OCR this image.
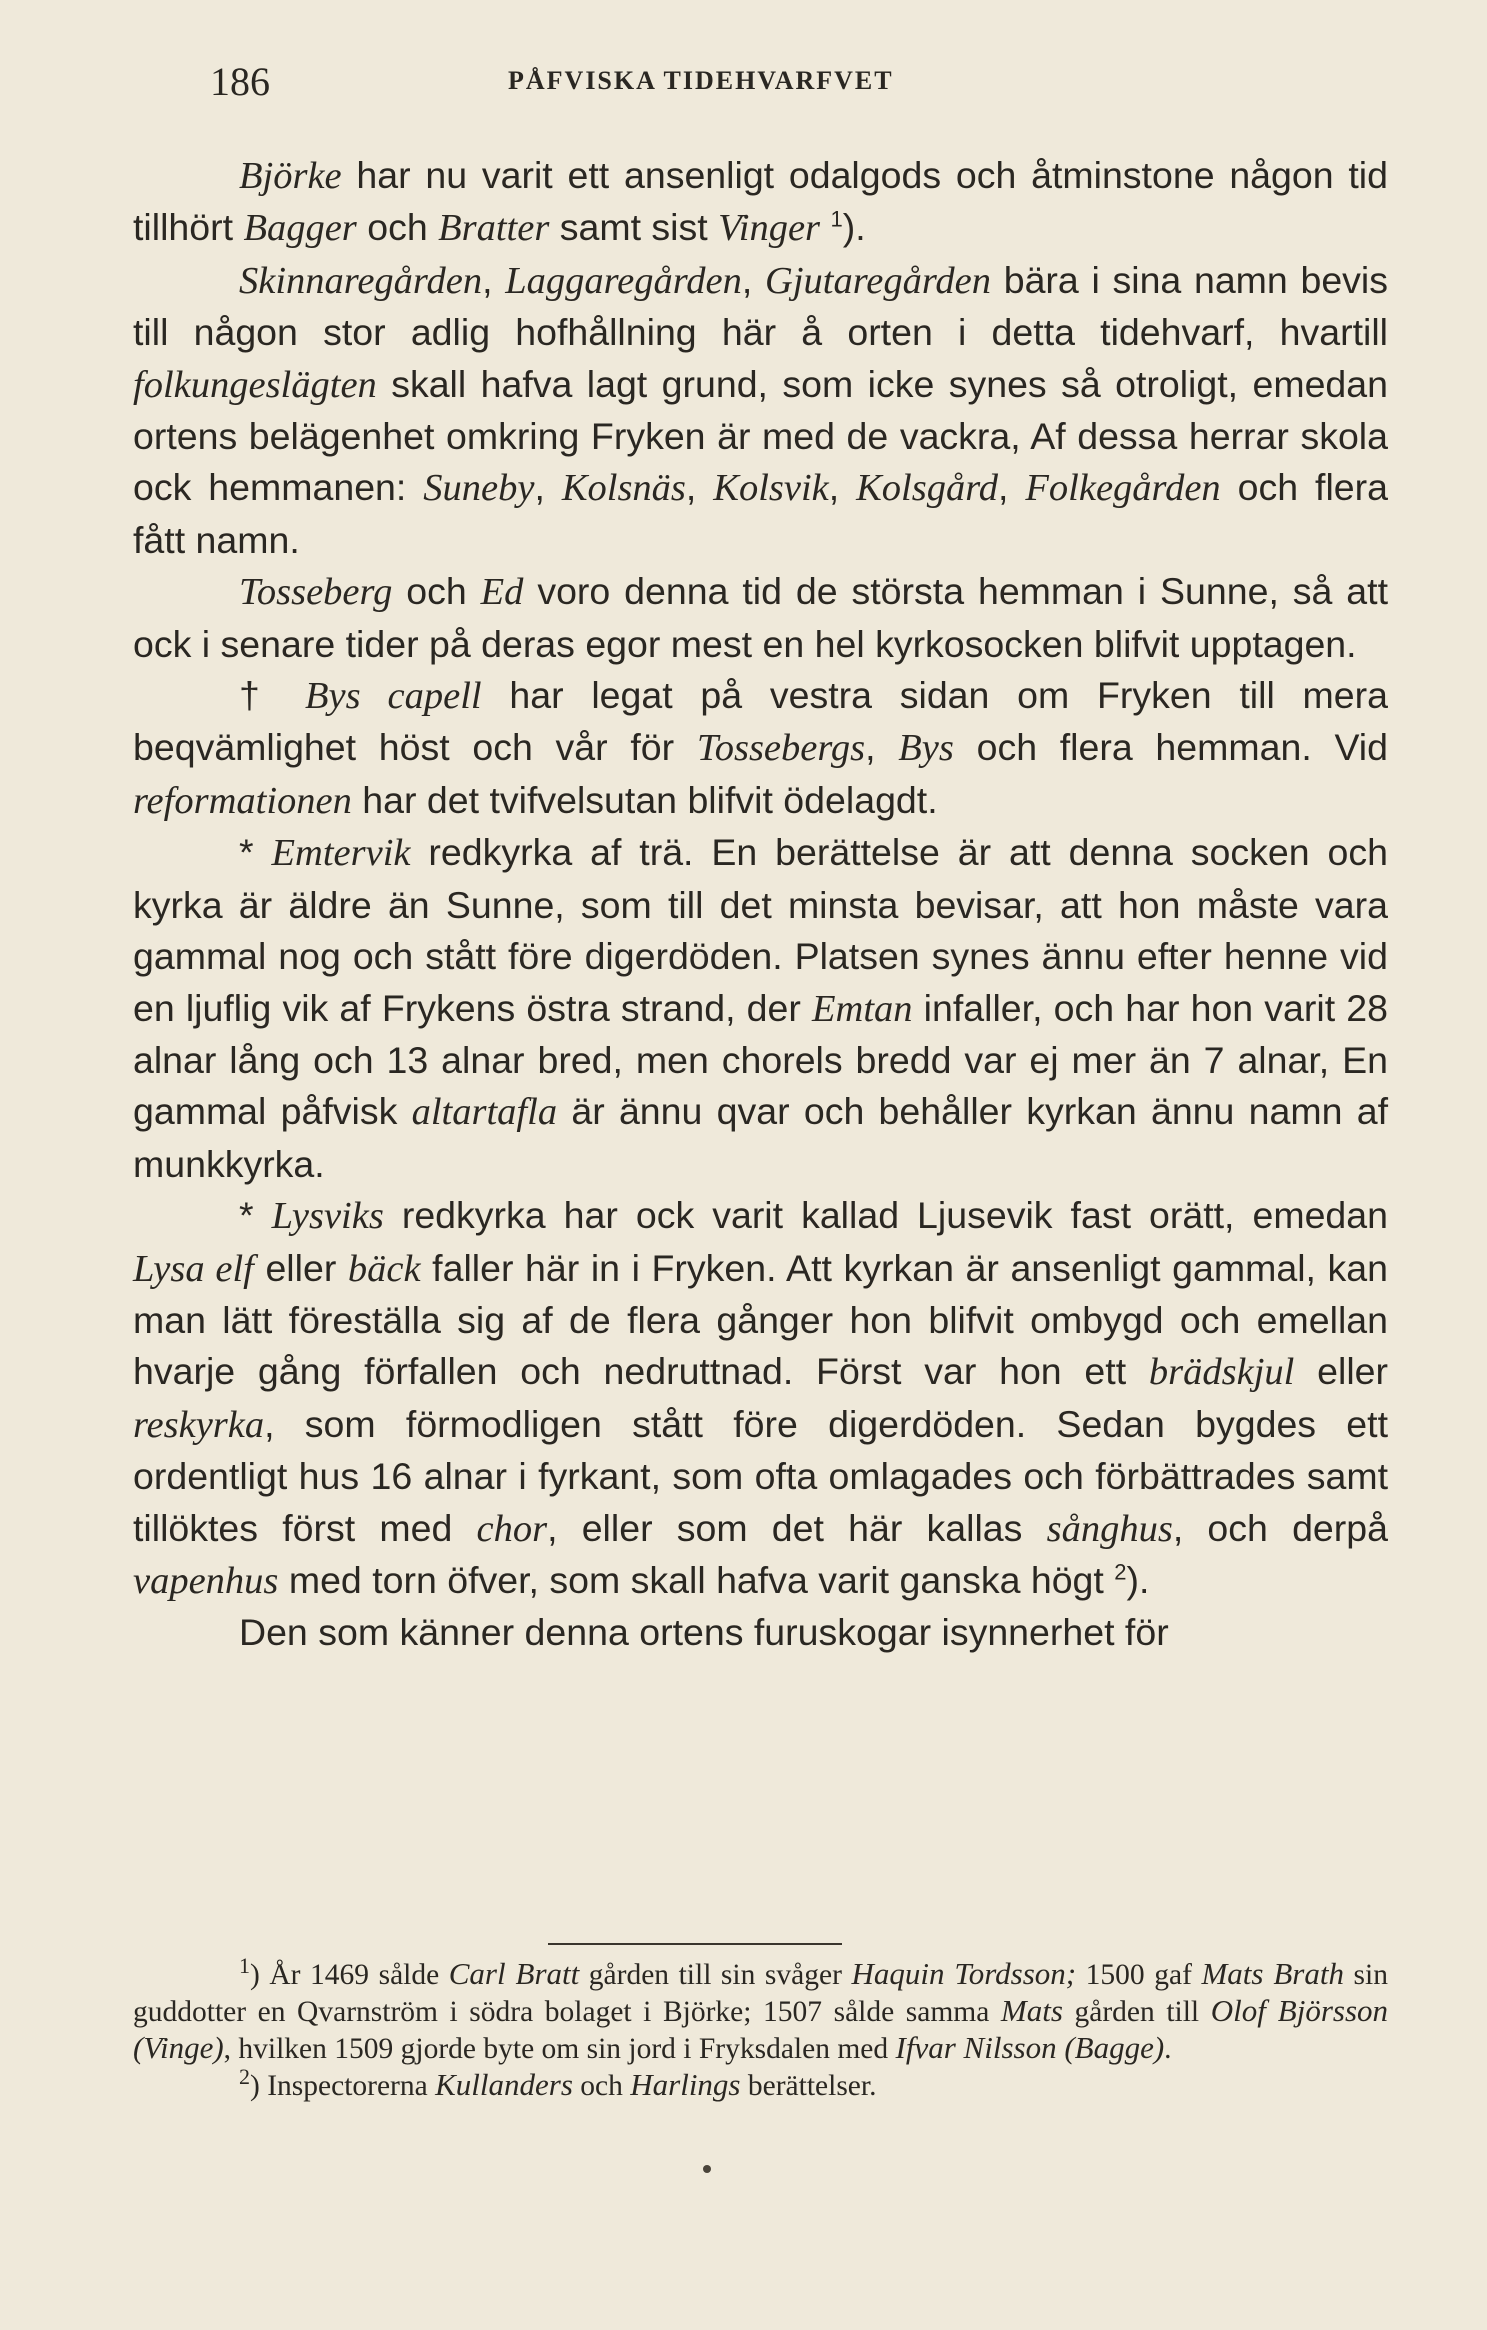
186	PÅFVISKA TIDEHVARFVET

Björke har nu varit ett ansenligt odalgods och åtminstone någon tid tillhört Bagger och Bratter samt sist Vinger $^1$).

Skinnaregården, Laggaregården, Gjutaregården bära i sina namn bevis till någon stor adlig hofhållning här å orten i detta tidehvarf, hvartill folkungeslägten skall hafva lagt grund, som icke synes så otroligt, emedan ortens belägenhet omkring Fryken är med de vackra, Af dessa herrar skola ock hemmanen: Suneby, Kolsnäs, Kolsvik, Kolsgård, Folkegården och flera fått namn.

Tosseberg och Ed voro denna tid de största hemman i Sunne, så att ock i senare tider på deras egor mest en hel kyrkosocken blifvit upptagen.

† Bys capell har legat på vestra sidan om Fryken till mera beqvämlighet höst och vår för Tossebergs, Bys och flera hemman. Vid reformationen har det tvifvelsutan blifvit ödelagdt.

* Emtervik redkyrka af trä. En berättelse är att denna socken och kyrka är äldre än Sunne, som till det minsta bevisar, att hon måste vara gammal nog och stått före digerdöden. Platsen synes ännu efter henne vid en ljuflig vik af Frykens östra strand, der Emtan infaller, och har hon varit 28 alnar lång och 13 alnar bred, men chorels bredd var ej mer än 7 alnar, En gammal påfvisk altartafla är ännu qvar och behåller kyrkan ännu namn af munkkyrka.

* Lysviks redkyrka har ock varit kallad Ljusevik fast orätt, emedan Lysa elf eller bäck faller här in i Fryken. Att kyrkan är ansenligt gammal, kan man lätt föreställa sig af de flera gånger hon blifvit ombygd och emellan hvarje gång förfallen och nedruttnad. Först var hon ett brädskjul eller reskyrka, som förmodligen stått före digerdöden. Sedan bygdes ett ordentligt hus 16 alnar i fyrkant, som ofta omlagades och förbättrades samt tillöktes först med chor, eller som det här kallas sånghus, och derpå vapenhus med torn öfver, som skall hafva varit ganska högt $^2$).

Den som känner denna ortens furuskogar isynnerhet för

$^1$) År 1469 sålde Carl Bratt gården till sin svåger Haquin Tordsson; 1500 gaf Mats Brath sin guddotter en Qvarnström i södra bolaget i Björke; 1507 sålde samma Mats gården till Olof Björsson (Vinge), hvilken 1509 gjorde byte om sin jord i Fryksdalen med Ifvar Nilsson (Bagge).

$^2$) Inspectorerna Kullanders och Harlings berättelser.
